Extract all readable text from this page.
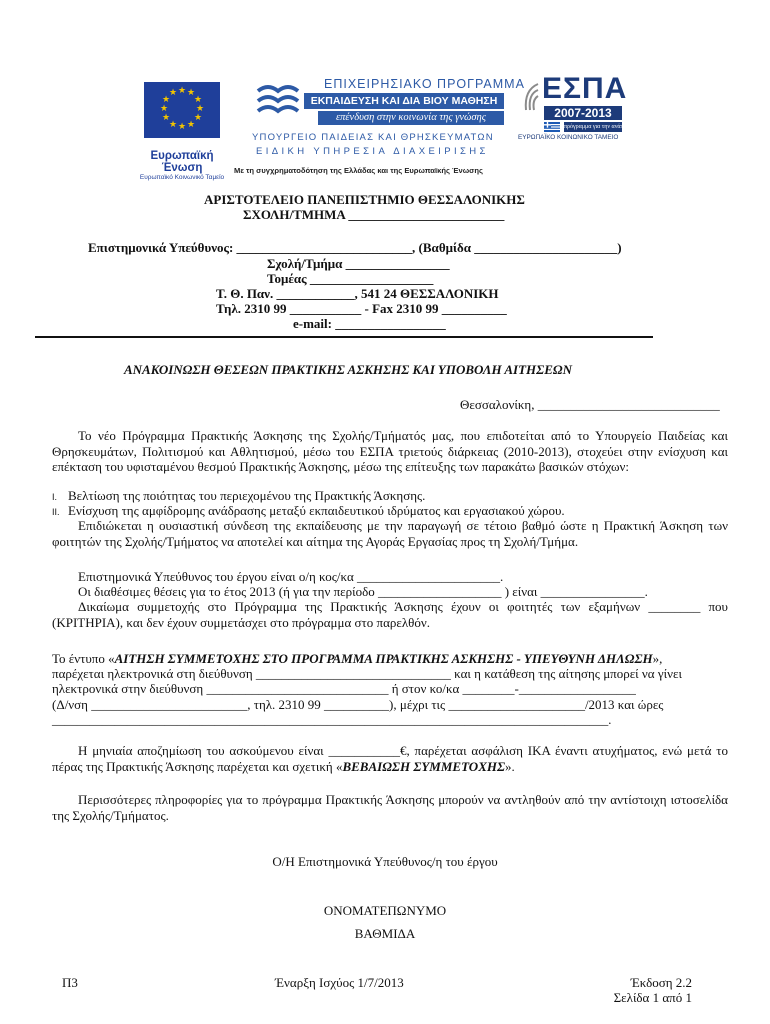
★ ★
★
★
★
★
★
★
★
★
★
★
Ευρωπαϊκή Ένωση
Ευρωπαϊκό Κοινωνικό Ταμείο
ΕΠΙΧΕΙΡΗΣΙΑΚΟ ΠΡΟΓΡΑΜΜΑ
ΕΚΠΑΙΔΕΥΣΗ ΚΑΙ ΔΙΑ ΒΙΟΥ ΜΑΘΗΣΗ
επένδυση στην κοινωνία της γνώσης
ΥΠΟΥΡΓΕΙΟ ΠΑΙΔΕΙΑΣ ΚΑΙ ΘΡΗΣΚΕΥΜΑΤΩΝ
ΕΙΔΙΚΗ ΥΠΗΡΕΣΙΑ ΔΙΑΧΕΙΡΙΣΗΣ
Με τη συγχρηματοδότηση της Ελλάδας και της Ευρωπαϊκής Ένωσης
ΕΣΠΑ
2007-2013
πρόγραμμα για την ανάπτυξη
ΕΥΡΩΠΑΪΚΟ ΚΟΙΝΩΝΙΚΟ ΤΑΜΕΙΟ
ΑΡΙΣΤΟΤΕΛΕΙΟ ΠΑΝΕΠΙΣΤΗΜΙΟ ΘΕΣΣΑΛΟΝΙΚΗΣ
ΣΧΟΛΗ/ΤΜΗΜΑ ________________________
Επιστημονικά Υπεύθυνος: ___________________________, (Βαθμίδα ______________________)
Σχολή/Τμήμα ________________
Τομέας ___________________
Τ. Θ. Παν. ____________, 541 24 ΘΕΣΣΑΛΟΝΙΚΗ
Τηλ. 2310 99 ___________ - Fax 2310 99 __________
e-mail: _________________
ΑΝΑΚΟΙΝΩΣΗ ΘΕΣΕΩΝ ΠΡΑΚΤΙΚΗΣ ΑΣΚΗΣΗΣ ΚΑΙ ΥΠΟΒΟΛΗ ΑΙΤΗΣΕΩΝ
Θεσσαλονίκη, ____________________________
Το νέο Πρόγραμμα Πρακτικής Άσκησης της Σχολής/Τμήματός μας, που επιδοτείται από το Υπουργείο Παιδείας και Θρησκευμάτων, Πολιτισμού και Αθλητισμού, μέσω του ΕΣΠΑ τριετούς διάρκειας (2010-2013), στοχεύει στην ενίσχυση και επέκταση του υφισταμένου θεσμού Πρακτικής Άσκησης, μέσω της επίτευξης των παρακάτω βασικών στόχων:
I. Βελτίωση της ποιότητας του περιεχομένου της Πρακτικής Άσκησης.
II. Ενίσχυση της αμφίδρομης ανάδρασης μεταξύ εκπαιδευτικού ιδρύματος και εργασιακού χώρου.
Επιδιώκεται η ουσιαστική σύνδεση της εκπαίδευσης με την παραγωγή σε τέτοιο βαθμό ώστε η Πρακτική Άσκηση των φοιτητών της Σχολής/Τμήματος να αποτελεί και αίτημα της Αγοράς Εργασίας προς τη Σχολή/Τμήμα.
Επιστημονικά Υπεύθυνος του έργου είναι ο/η κος/κα ______________________.
Οι διαθέσιμες θέσεις για το έτος 2013 (ή για την περίοδο ___________________ ) είναι ________________.
Δικαίωμα συμμετοχής στο Πρόγραμμα της Πρακτικής Άσκησης έχουν οι φοιτητές των εξαμήνων ________ που (ΚΡΙΤΗΡΙΑ), και δεν έχουν συμμετάσχει στο πρόγραμμα στο παρελθόν.
Το έντυπο «ΑΙΤΗΣΗ ΣΥΜΜΕΤΟΧΗΣ ΣΤΟ ΠΡΟΓΡΑΜΜΑ ΠΡΑΚΤΙΚΗΣ ΑΣΚΗΣΗΣ - ΥΠΕΥΘΥΝΗ ΔΗΛΩΣΗ»,
παρέχεται ηλεκτρονικά στη διεύθυνση ______________________________ και η κατάθεση της αίτησης μπορεί να γίνει
ηλεκτρονικά στην διεύθυνση ____________________________ ή στον κο/κα ________-__________________
(Δ/νση ________________________, τηλ. 2310 99 __________), μέχρι τις _____________________/2013 και ώρες
_________________________________________________________________________________________.
Η μηνιαία αποζημίωση του ασκούμενου είναι ___________€, παρέχεται ασφάλιση ΙΚΑ έναντι ατυχήματος, ενώ μετά το πέρας της Πρακτικής Άσκησης παρέχεται και σχετική «ΒΕΒΑΙΩΣΗ ΣΥΜΜΕΤΟΧΗΣ».
Περισσότερες πληροφορίες για το πρόγραμμα Πρακτικής Άσκησης μπορούν να αντληθούν από την αντίστοιχη ιστοσελίδα της Σχολής/Τμήματος.
Ο/Η Επιστημονικά Υπεύθυνος/η του έργου
ΟΝΟΜΑΤΕΠΩΝΥΜΟ
ΒΑΘΜΙΔΑ
Π3	Έναρξη Ισχύος 1/7/2013	Έκδοση 2.2
Σελίδα 1 από 1
